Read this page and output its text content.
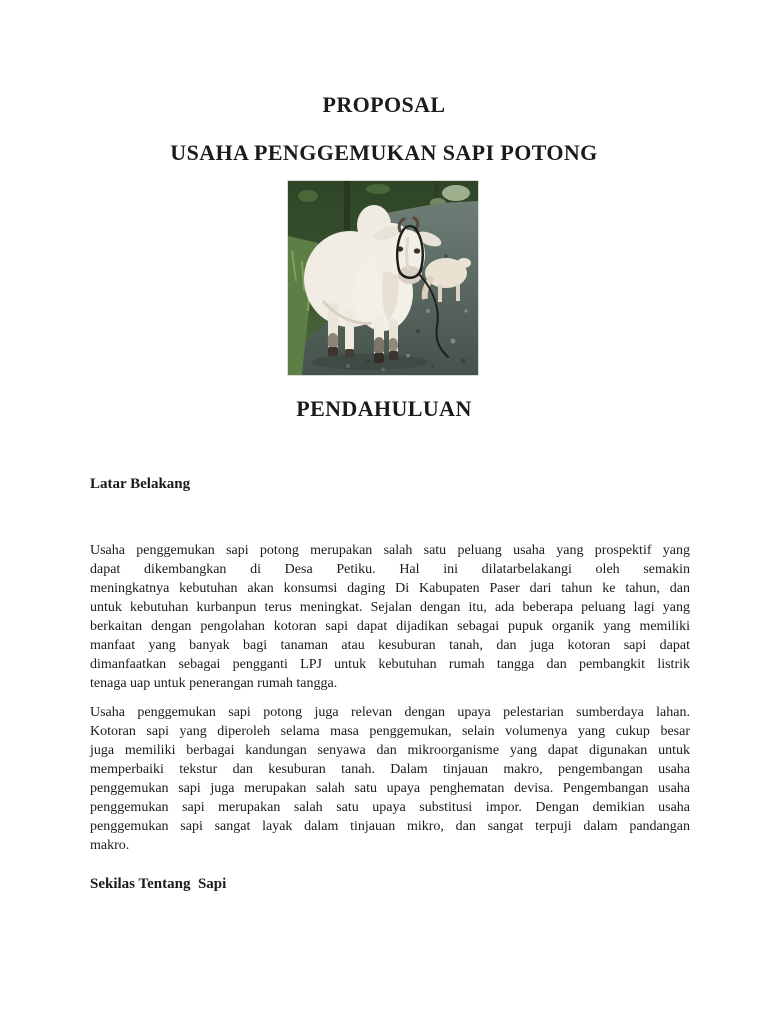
PROPOSAL
USAHA PENGGEMUKAN SAPI POTONG
PENDAHULUAN
Latar Belakang
Usaha penggemukan sapi potong merupakan salah satu peluang usaha yang prospektif yang
dapat dikembangkan di Desa Petiku. Hal ini dilatarbelakangi oleh semakin
meningkatnya kebutuhan akan konsumsi daging Di Kabupaten Paser dari tahun ke tahun, dan
untuk kebutuhan kurbanpun terus meningkat. Sejalan dengan itu, ada beberapa peluang lagi yang
berkaitan dengan pengolahan kotoran sapi dapat dijadikan sebagai pupuk organik yang memiliki
manfaat yang banyak bagi tanaman atau kesuburan tanah, dan juga kotoran sapi dapat
dimanfaatkan sebagai pengganti LPJ untuk kebutuhan rumah tangga dan pembangkit listrik
tenaga uap untuk penerangan rumah tangga.
Usaha penggemukan sapi potong juga relevan dengan upaya pelestarian sumberdaya lahan.
Kotoran sapi yang diperoleh selama masa penggemukan, selain volumenya yang cukup besar
juga memiliki berbagai kandungan senyawa dan mikroorganisme yang dapat digunakan untuk
memperbaiki tekstur dan kesuburan tanah. Dalam tinjauan makro, pengembangan usaha
penggemukan sapi juga merupakan salah satu upaya penghematan devisa. Pengembangan usaha
penggemukan sapi merupakan salah satu upaya substitusi impor. Dengan demikian usaha
penggemukan sapi sangat layak dalam tinjauan mikro, dan sangat terpuji dalam pandangan
makro.
Sekilas Tentang  Sapi
